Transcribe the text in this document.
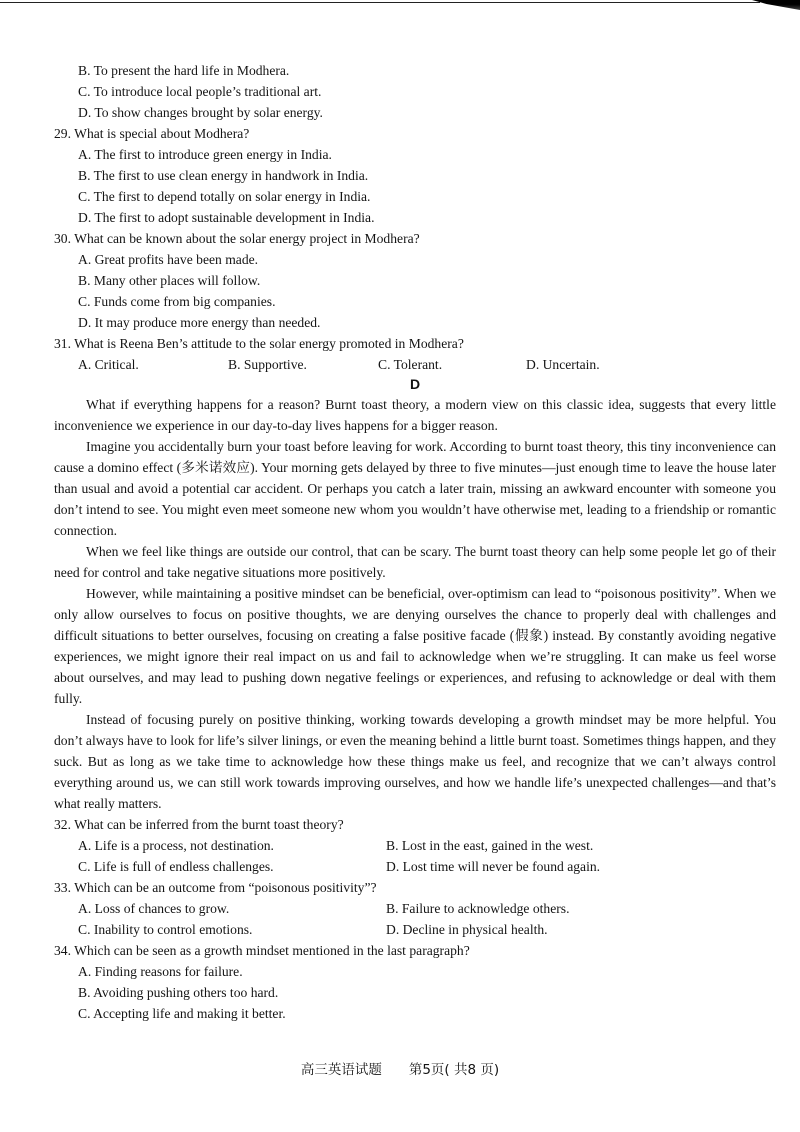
B. To present the hard life in Modhera.
C. To introduce local people’s traditional art.
D. To show changes brought by solar energy.
29. What is special about Modhera?
A. The first to introduce green energy in India.
B. The first to use clean energy in handwork in India.
C. The first to depend totally on solar energy in India.
D. The first to adopt sustainable development in India.
30. What can be known about the solar energy project in Modhera?
A. Great profits have been made.
B. Many other places will follow.
C. Funds come from big companies.
D. It may produce more energy than needed.
31. What is Reena Ben’s attitude to the solar energy promoted in Modhera?
A. Critical.	B. Supportive.	C. Tolerant.	D. Uncertain.
D

What if everything happens for a reason? Burnt toast theory, a modern view on this classic idea, suggests that every little inconvenience we experience in our day-to-day lives happens for a bigger reason.

Imagine you accidentally burn your toast before leaving for work. According to burnt toast theory, this tiny inconvenience can cause a domino effect (多米诺效应). Your morning gets delayed by three to five minutes—just enough time to leave the house later than usual and avoid a potential car accident. Or perhaps you catch a later train, missing an awkward encounter with someone you don’t intend to see. You might even meet someone new whom you wouldn’t have otherwise met, leading to a friendship or romantic connection.

When we feel like things are outside our control, that can be scary. The burnt toast theory can help some people let go of their need for control and take negative situations more positively.

However, while maintaining a positive mindset can be beneficial, over-optimism can lead to “poisonous positivity”. When we only allow ourselves to focus on positive thoughts, we are denying ourselves the chance to properly deal with challenges and difficult situations to better ourselves, focusing on creating a false positive facade (假象) instead. By constantly avoiding negative experiences, we might ignore their real impact on us and fail to acknowledge when we’re struggling. It can make us feel worse about ourselves, and may lead to pushing down negative feelings or experiences, and refusing to acknowledge or deal with them fully.

Instead of focusing purely on positive thinking, working towards developing a growth mindset may be more helpful. You don’t always have to look for life’s silver linings, or even the meaning behind a little burnt toast. Sometimes things happen, and they suck. But as long as we take time to acknowledge how these things make us feel, and recognize that we can’t always control everything around us, we can still work towards improving ourselves, and how we handle life’s unexpected challenges—and that’s what really matters.

32. What can be inferred from the burnt toast theory?
A. Life is a process, not destination.	B. Lost in the east, gained in the west.
C. Life is full of endless challenges.	D. Lost time will never be found again.
33. Which can be an outcome from “poisonous positivity”?
A. Loss of chances to grow.	B. Failure to acknowledge others.
C. Inability to control emotions.	D. Decline in physical health.
34. Which can be seen as a growth mindset mentioned in the last paragraph?
A. Finding reasons for failure.
B. Avoiding pushing others too hard.
C. Accepting life and making it better.
高三英语试题　　第5页( 共8 页)
